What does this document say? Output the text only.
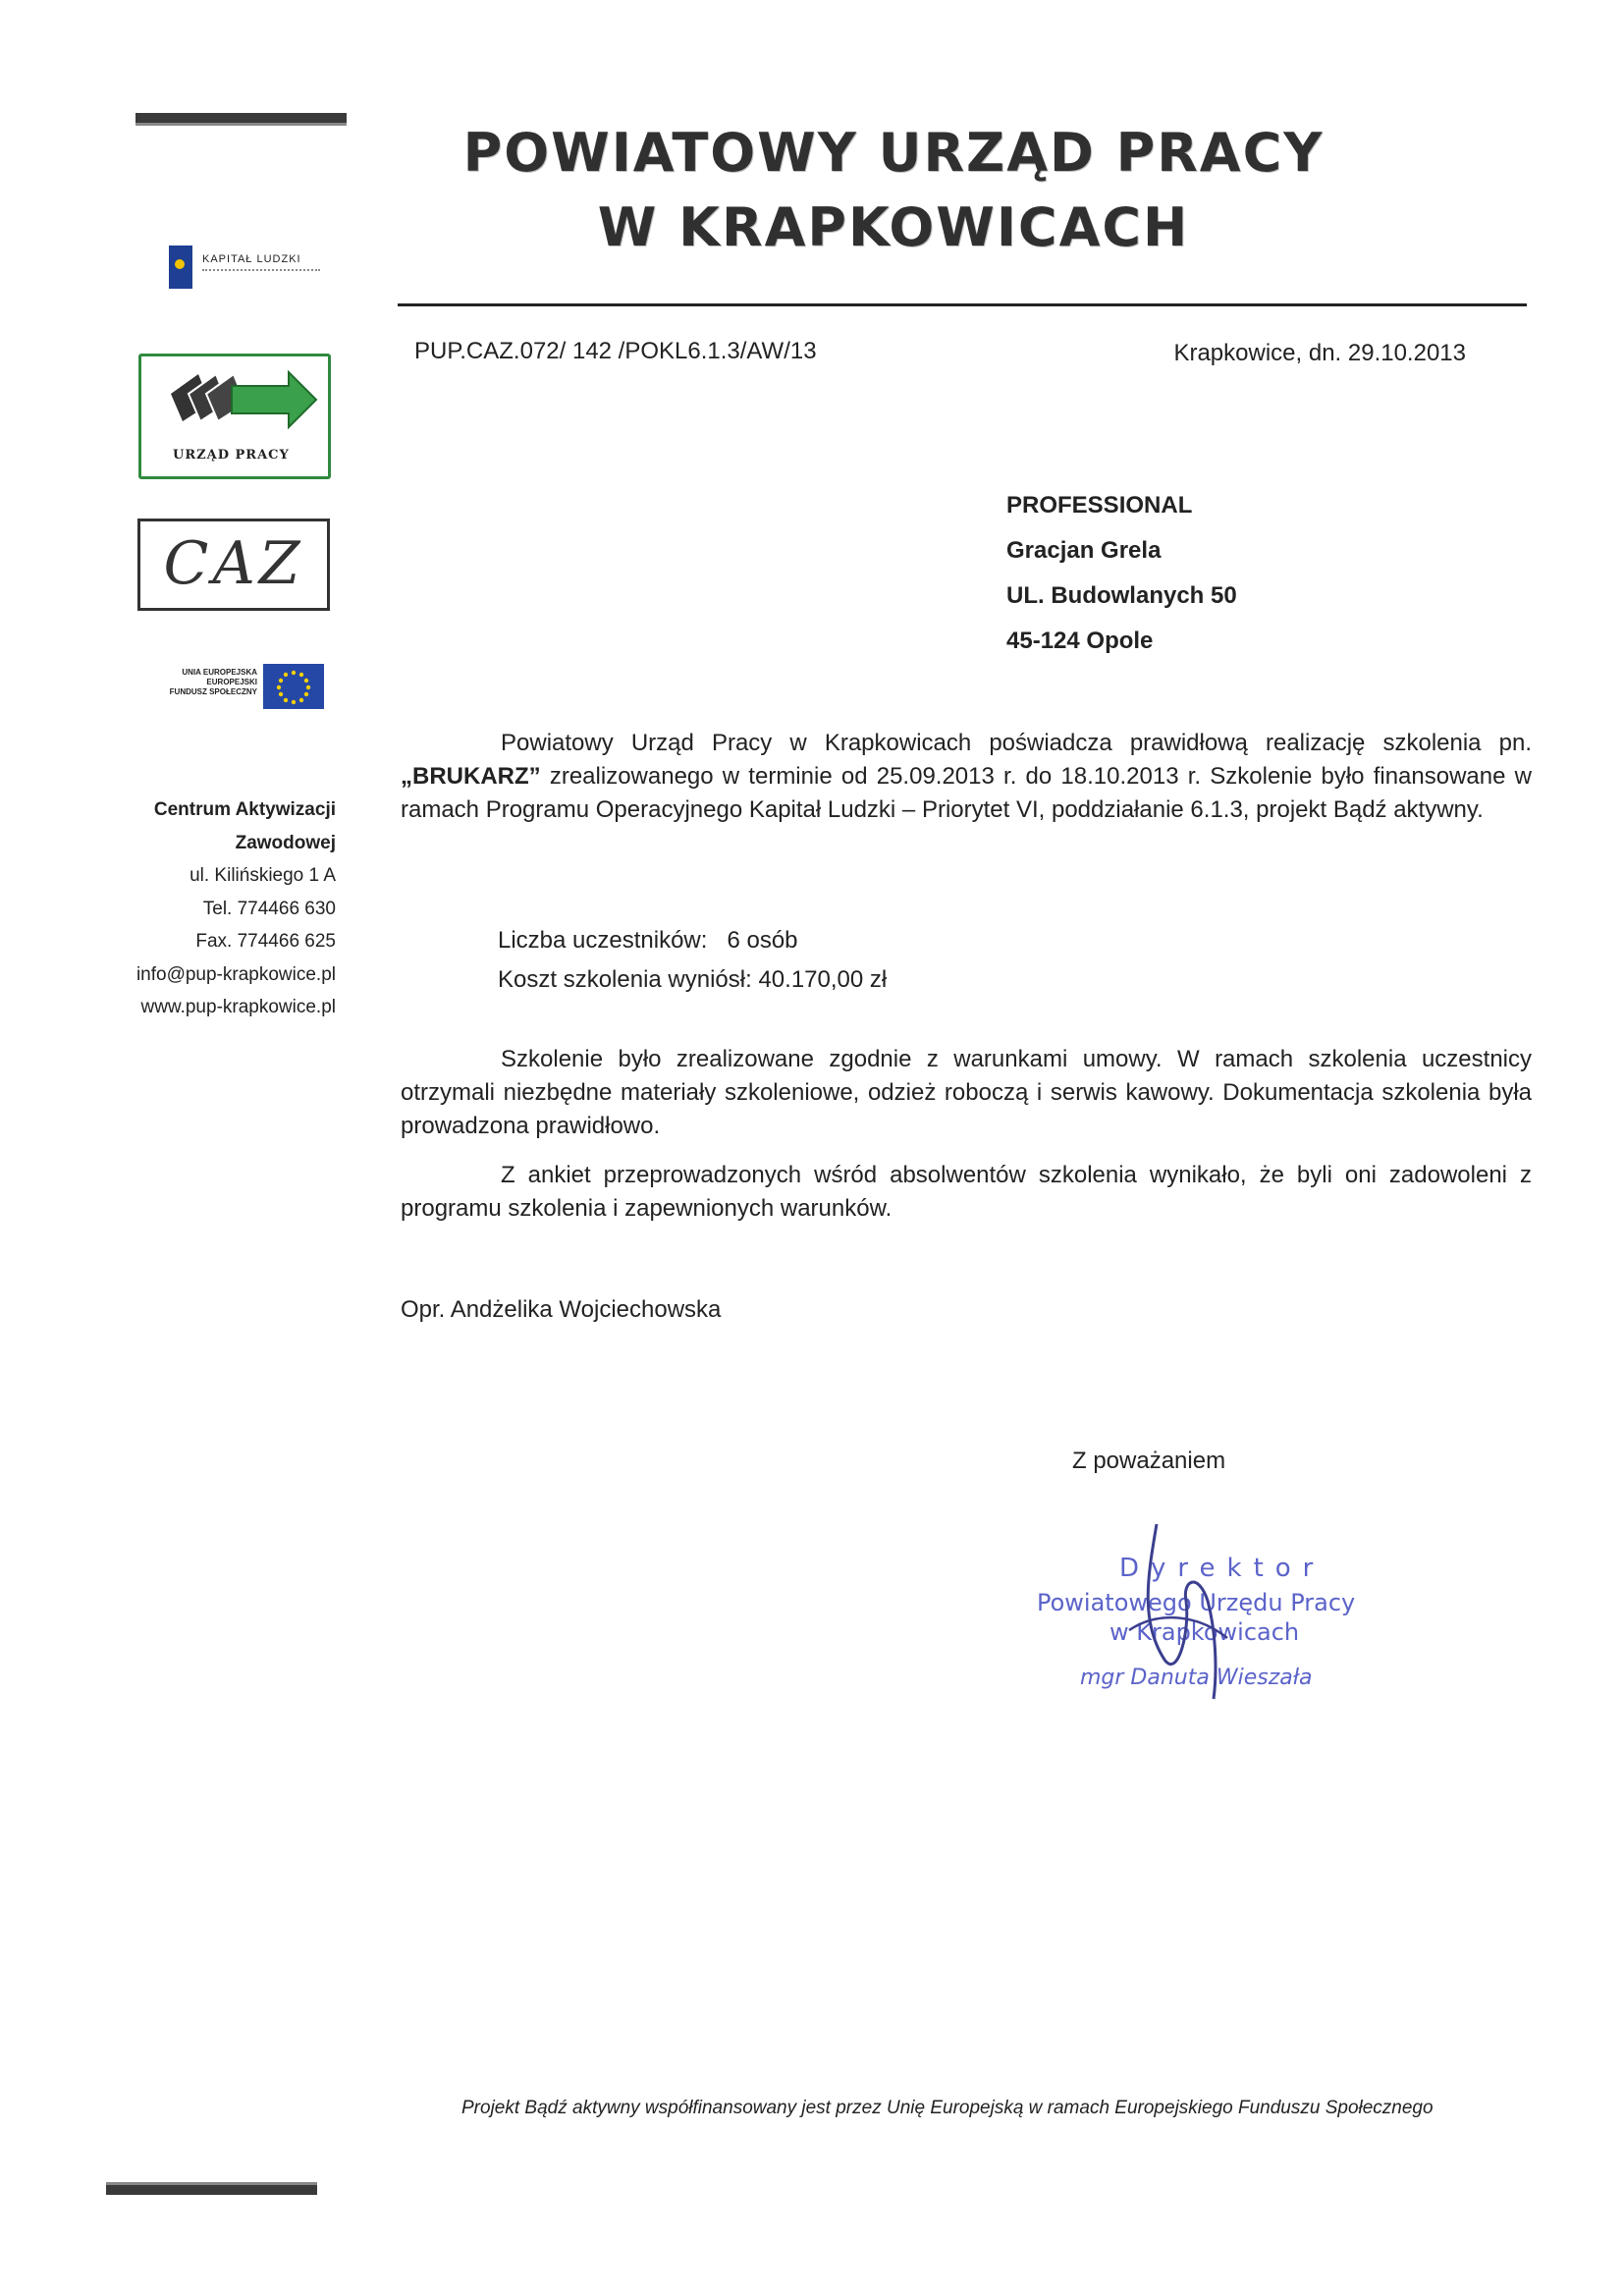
POWIATOWY URZĄD PRACY
W KRAPKOWICACH
KAPITAŁ LUDZKI
URZĄD PRACY
CAZ
UNIA EUROPEJSKA
EUROPEJSKI
FUNDUSZ SPOŁECZNY
Centrum Aktywizacji
Zawodowej
ul. Kilińskiego 1 A
Tel. 774466 630
Fax. 774466 625
info@pup-krapkowice.pl
www.pup-krapkowice.pl
PUP.CAZ.072/ 142 /POKL6.1.3/AW/13	Krapkowice, dn. 29.10.2013
PROFESSIONAL
Gracjan Grela
UL. Budowlanych 50
45-124 Opole
Powiatowy Urząd Pracy w Krapkowicach poświadcza prawidłową realizację szkolenia pn. „BRUKARZ” zrealizowanego w terminie od 25.09.2013 r. do 18.10.2013 r. Szkolenie było finansowane w ramach Programu Operacyjnego Kapitał Ludzki – Priorytet VI, poddziałanie 6.1.3, projekt Bądź aktywny.
Liczba uczestników: 6 osób
Koszt szkolenia wyniósł: 40.170,00 zł
Szkolenie było zrealizowane zgodnie z warunkami umowy. W ramach szkolenia uczestnicy otrzymali niezbędne materiały szkoleniowe, odzież roboczą i serwis kawowy. Dokumentacja szkolenia była prowadzona prawidłowo.
Z ankiet przeprowadzonych wśród absolwentów szkolenia wynikało, że byli oni zadowoleni z programu szkolenia i zapewnionych warunków.
Opr. Andżelika Wojciechowska
Z poważaniem
Dyrektor
Powiatowego Urzędu Pracy
w Krapkowicach
mgr Danuta Wieszała
Projekt Bądź aktywny współfinansowany jest przez Unię Europejską w ramach Europejskiego Funduszu Społecznego
